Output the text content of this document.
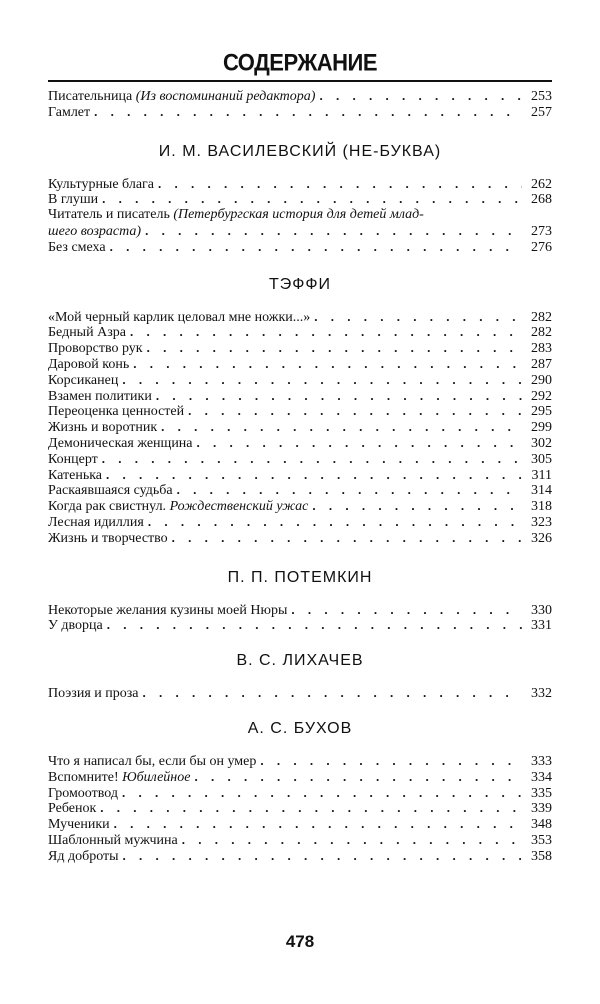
СОДЕРЖАНИЕ
Писательница (Из воспоминаний редактора) . . .	253
Гамлет . . .	257
И. М. ВАСИЛЕВСКИЙ (НЕ-БУКВА)
Культурные блага . . .	262
В глуши . . .	268
Читатель и писатель (Петербургская история для детей млад-
шего возраста) . . .	273
Без смеха . . .	276
ТЭФФИ
«Мой черный карлик целовал мне ножки...» . . .	282
Бедный Азра . . .	282
Проворство рук . . .	283
Даровой конь . . .	287
Корсиканец . . .	290
Взамен политики . . .	292
Переоценка ценностей . . .	295
Жизнь и воротник . . .	299
Демоническая женщина . . .	302
Концерт . . .	305
Катенька . . .	311
Раскаявшаяся судьба . . .	314
Когда рак свистнул. Рождественский ужас . . .	318
Лесная идиллия . . .	323
Жизнь и творчество . . .	326
П. П. ПОТЕМКИН
Некоторые желания кузины моей Нюры . . .	330
У дворца . . .	331
В. С. ЛИХАЧЕВ
Поэзия и проза . . .	332
А. С. БУХОВ
Что я написал бы, если бы он умер . . .	333
Вспомните! Юбилейное . . .	334
Громоотвод . . .	335
Ребенок . . .	339
Мученики . . .	348
Шаблонный мужчина . . .	353
Яд доброты . . .	358
478
